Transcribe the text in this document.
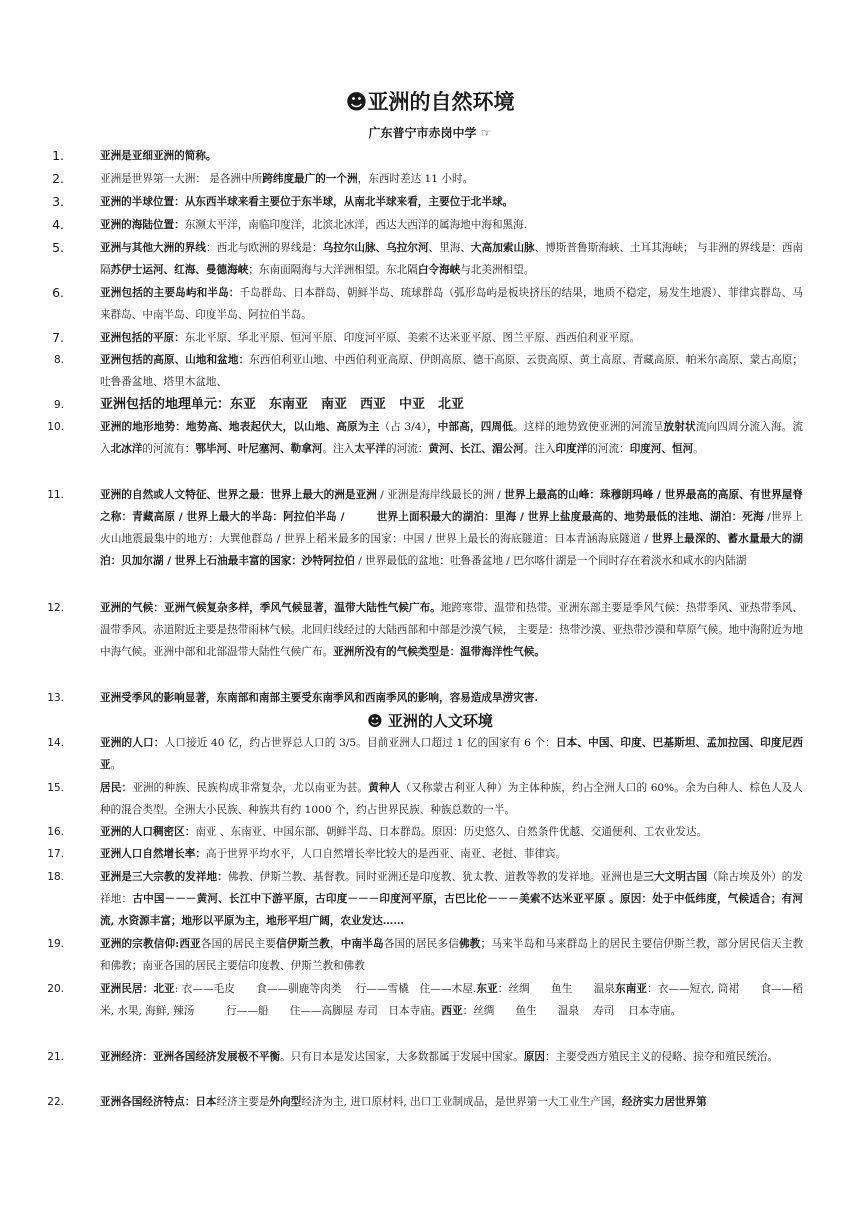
☻亚洲的自然环境
广东普宁市赤岗中学 ☞
☻ 亚洲的人文环境
1.	亚洲是亚细亚洲的简称。
2.	亚洲是世界第一大洲： 是各洲中所跨纬度最广的一个洲，东西时差达 11 小时。
3.	亚洲的半球位置：从东西半球来看主要位于东半球，从南北半球来看，主要位于北半球。
4.	亚洲的海陆位置：东濒太平洋，南临印度洋，北滨北冰洋，西达大西洋的属海地中海和黑海.
5.	亚洲与其他大洲的界线：西北与欧洲的界线是：乌拉尔山脉、乌拉尔河、里海、大高加索山脉、博斯普鲁斯海峡、土耳其海峡； 与非洲的界线是：西南隔苏伊士运河、红海、曼德海峡；东南面隔海与大洋洲相望。东北隔白令海峡与北美洲相望。
6.	亚洲包括的主要岛屿和半岛：千岛群岛、日本群岛、朝鲜半岛、琉球群岛（弧形岛屿是板块挤压的结果，地质不稳定，易发生地震）、菲律宾群岛、马来群岛、中南半岛、印度半岛、阿拉伯半岛。
7.	亚洲包括的平原：东北平原、华北平原、恒河平原、印度河平原、美索不达米亚平原、图兰平原、西西伯利亚平原。
8.	亚洲包括的高原、山地和盆地：东西伯利亚山地、中西伯利亚高原、伊朗高原、德干高原、云贵高原、黄土高原、青藏高原、帕米尔高原、蒙古高原；吐鲁番盆地、塔里木盆地、
9.	亚洲包括的地理单元：东亚　东南亚　南亚　西亚　中亚　北亚
10.	亚洲的地形地势：地势高、地表起伏大，以山地、高原为主（占 3/4），中部高，四周低。这样的地势致使亚洲的河流呈放射状流向四周分流入海。流入北冰洋的河流有：鄂毕河、叶尼塞河、勒拿河。注入太平洋的河流：黄河、长江、湄公河。注入印度洋的河流：印度河、恒河。
11.	亚洲的自然或人文特征、世界之最：世界上最大的洲是亚洲 / 亚洲是海岸线最长的洲 / 世界上最高的山峰：珠穆朗玛峰 / 世界最高的高原、有世界屋脊之称：青藏高原 / 世界上最大的半岛：阿拉伯半岛 /　　　世界上面积最大的湖泊：里海 / 世界上盐度最高的、地势最低的洼地、湖泊：死海 /世界上火山地震最集中的地方：大巽他群岛 / 世界上稻米最多的国家：中国 / 世界上最长的海底隧道：日本青涵海底隧道 / 世界上最深的、蓄水量最大的湖泊：贝加尔湖 / 世界上石油最丰富的国家：沙特阿拉伯 / 世界最低的盆地：吐鲁番盆地 / 巴尔喀什湖是一个同时存在着淡水和咸水的内陆湖
12.	亚洲的气候：亚洲气候复杂多样，季风气候显著，温带大陆性气候广布。地跨寒带、温带和热带。亚洲东部主要是季风气候：热带季风、亚热带季风、温带季风。赤道附近主要是热带雨林气候。北回归线经过的大陆西部和中部是沙漠气候， 主要是：热带沙漠、亚热带沙漠和草原气候。地中海附近为地中海气候。亚洲中部和北部温带大陆性气候广布。亚洲所没有的气候类型是：温带海洋性气候。
13.	亚洲受季风的影响显著，东南部和南部主要受东南季风和西南季风的影响，容易造成旱涝灾害.
14.	亚洲的人口：人口接近 40 亿，约占世界总人口的 3/5。目前亚洲人口超过 1 亿的国家有 6 个：日本、中国、印度、巴基斯坦、孟加拉国、印度尼西亚。
15.	居民：亚洲的种族、民族构成非常复杂，尤以南亚为甚。黄种人（又称蒙古利亚人种）为主体种族，约占全洲人口的 60%。余为白种人、棕色人及人种的混合类型。全洲大小民族、种族共有约 1000 个，约占世界民族、种族总数的一半。
16.	亚洲的人口稠密区：南亚 、东南亚、中国东部、朝鲜半岛、日本群岛。原因：历史悠久、自然条件优越、交通便利、工农业发达。
17.	亚洲人口自然增长率：高于世界平均水平，人口自然增长率比较大的是西亚、南亚、老挝、菲律宾。
18.	亚洲是三大宗教的发祥地：佛教、伊斯兰教、基督教。同时亚洲还是印度教、犹太教、道教等教的发祥地。亚洲也是三大文明古国（除古埃及外）的发祥地：古中国－－－黄河、长江中下游平原，古印度－－－印度河平原，古巴比伦－－－美索不达米亚平原 。原因：处于中低纬度，气候适合；有河流, 水资源丰富；地形以平原为主，地形平坦广阔，农业发达……
19.	亚洲的宗教信仰:西亚各国的居民主要信伊斯兰教，中南半岛各国的居民多信佛教；马来半岛和马来群岛上的居民主要信伊斯兰教，部分居民信天主教和佛教；南亚各国的居民主要信印度教、伊斯兰教和佛教
20.	亚洲民居：北亚: 衣——毛皮　　食——驯鹿等肉类　 行——雪橇　住——木屋.东亚：丝绸　　鱼生　　温泉东南亚：衣——短衣, 筒裙　　食——稻米, 水果, 海鲜, 辣汤　　　行——船　　住——高脚屋 寿司　日本寺庙。西亚：丝绸　　鱼生　　温泉　 寿司　 日本寺庙。
21.	亚洲经济：亚洲各国经济发展极不平衡。只有日本是发达国家，大多数都属于发展中国家。原因：主要受西方殖民主义的侵略、掠夺和殖民统治。
22.	亚洲各国经济特点：日本经济主要是外向型经济为主, 进口原材料, 出口工业制成品，是世界第一大工业生产国，经济实力居世界第
